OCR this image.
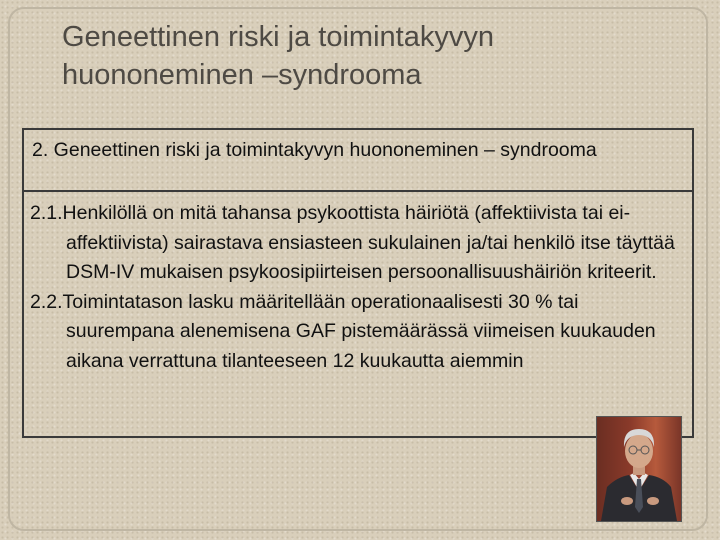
Geneettinen riski ja toimintakyvyn
huononeminen –syndrooma
2. Geneettinen riski ja toimintakyvyn huononeminen – syndrooma

2.1.Henkilöllä on mitä tahansa psykoottista häiriötä (affektiivista tai ei-affektiivista) sairastava ensiasteen sukulainen ja/tai henkilö itse täyttää DSM-IV mukaisen psykoosipiirteisen persoonallisuushäiriön kriteerit.

2.2.Toimintatason lasku määritellään operationaalisesti 30 % tai suurempana alenemisena GAF pistemäärässä viimeisen kuukauden aikana verrattuna tilanteeseen 12 kuukautta aiemmin
